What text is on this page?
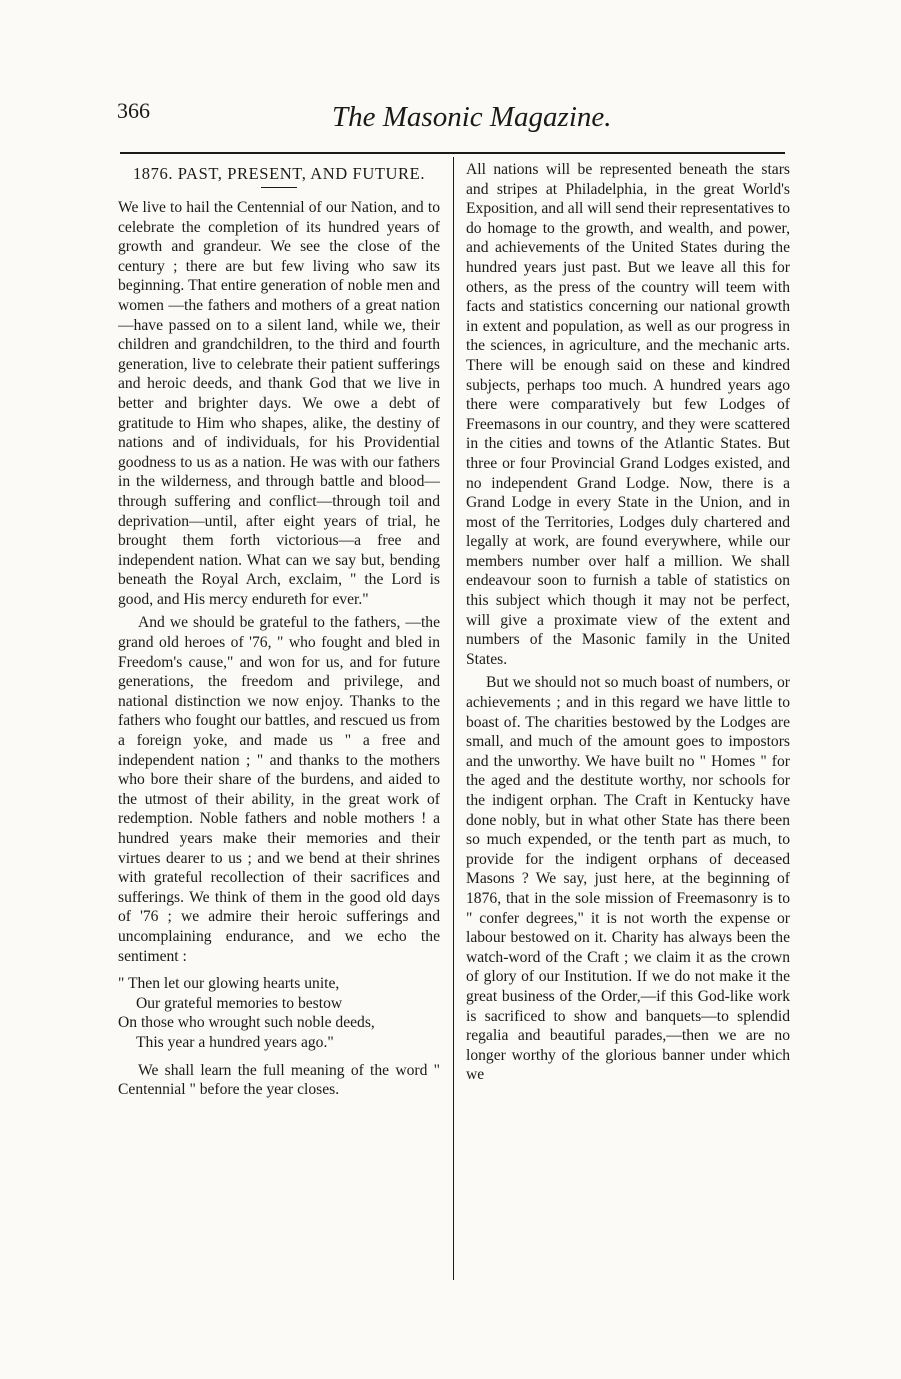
366	The Masonic Magazine.
1876. PAST, PRESENT, AND FUTURE.

We live to hail the Centennial of our Nation, and to celebrate the completion of its hundred years of growth and grandeur. We see the close of the century ; there are but few living who saw its beginning. That entire generation of noble men and women —the fathers and mothers of a great nation —have passed on to a silent land, while we, their children and grandchildren, to the third and fourth generation, live to celebrate their patient sufferings and heroic deeds, and thank God that we live in better and brighter days. We owe a debt of gratitude to Him who shapes, alike, the destiny of nations and of individuals, for his Providential goodness to us as a nation. He was with our fathers in the wilderness, and through battle and blood—through suffering and conflict—through toil and deprivation—until, after eight years of trial, he brought them forth victorious—a free and independent nation. What can we say but, bending beneath the Royal Arch, exclaim, " the Lord is good, and His mercy endureth for ever."

And we should be grateful to the fathers, —the grand old heroes of '76, " who fought and bled in Freedom's cause," and won for us, and for future generations, the freedom and privilege, and national distinction we now enjoy. Thanks to the fathers who fought our battles, and rescued us from a foreign yoke, and made us " a free and independent nation ; " and thanks to the mothers who bore their share of the burdens, and aided to the utmost of their ability, in the great work of redemption. Noble fathers and noble mothers ! a hundred years make their memories and their virtues dearer to us ; and we bend at their shrines with grateful recollection of their sacrifices and sufferings. We think of them in the good old days of '76 ; we admire their heroic sufferings and uncomplaining endurance, and we echo the sentiment :

" Then let our glowing hearts unite,
Our grateful memories to bestow
On those who wrought such noble deeds,
This year a hundred years ago."

We shall learn the full meaning of the word " Centennial " before the year closes.

All nations will be represented beneath the stars and stripes at Philadelphia, in the great World's Exposition, and all will send their representatives to do homage to the growth, and wealth, and power, and achievements of the United States during the hundred years just past. But we leave all this for others, as the press of the country will teem with facts and statistics concerning our national growth in extent and population, as well as our progress in the sciences, in agriculture, and the mechanic arts. There will be enough said on these and kindred subjects, perhaps too much. A hundred years ago there were comparatively but few Lodges of Freemasons in our country, and they were scattered in the cities and towns of the Atlantic States. But three or four Provincial Grand Lodges existed, and no independent Grand Lodge. Now, there is a Grand Lodge in every State in the Union, and in most of the Territories, Lodges duly chartered and legally at work, are found everywhere, while our members number over half a million. We shall endeavour soon to furnish a table of statistics on this subject which though it may not be perfect, will give a proximate view of the extent and numbers of the Masonic family in the United States.

But we should not so much boast of numbers, or achievements ; and in this regard we have little to boast of. The charities bestowed by the Lodges are small, and much of the amount goes to impostors and the unworthy. We have built no " Homes " for the aged and the destitute worthy, nor schools for the indigent orphan. The Craft in Kentucky have done nobly, but in what other State has there been so much expended, or the tenth part as much, to provide for the indigent orphans of deceased Masons ? We say, just here, at the beginning of 1876, that in the sole mission of Freemasonry is to " confer degrees," it is not worth the expense or labour bestowed on it. Charity has always been the watch-word of the Craft ; we claim it as the crown of glory of our Institution. If we do not make it the great business of the Order,—if this God-like work is sacrificed to show and banquets—to splendid regalia and beautiful parades,—then we are no longer worthy of the glorious banner under which we
